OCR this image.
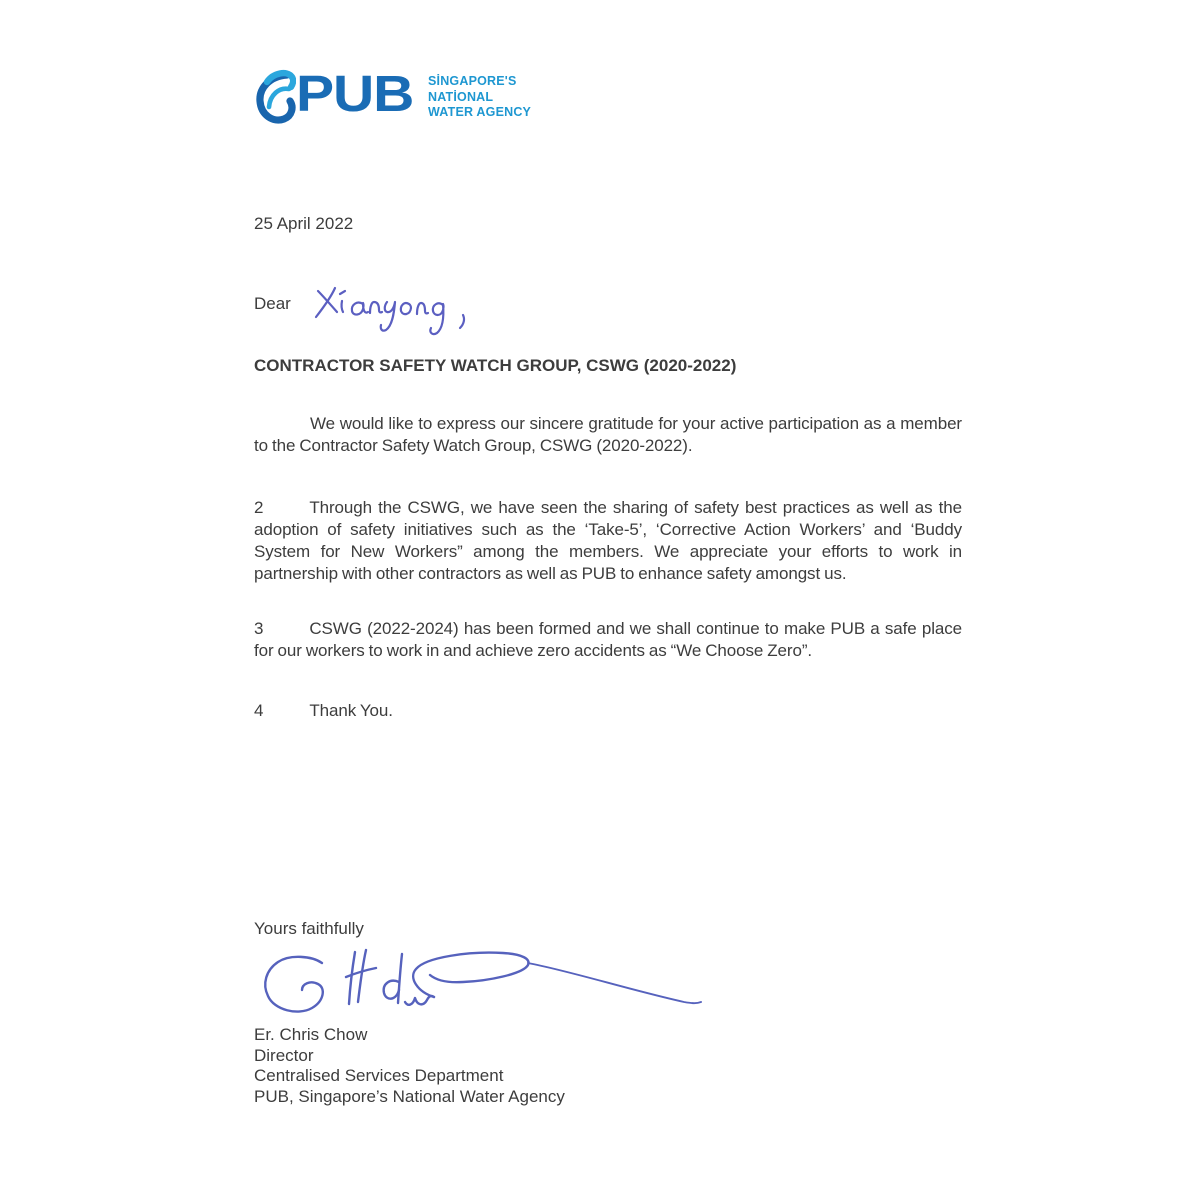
PUB SİNGAPORE'S
NATİONAL
WATER AGENCY
25 April 2022
Dear
CONTRACTOR SAFETY WATCH GROUP, CSWG (2020-2022)

We would like to express our sincere gratitude for your active participation as a member to the Contractor Safety Watch Group, CSWG (2020-2022).

2	Through the CSWG, we have seen the sharing of safety best practices as well as the adoption of safety initiatives such as the ‘Take-5’, ‘Corrective Action Workers’ and ‘Buddy System for New Workers” among the members. We appreciate your efforts to work in partnership with other contractors as well as PUB to enhance safety amongst us.

3	CSWG (2022-2024) has been formed and we shall continue to make PUB a safe place for our workers to work in and achieve zero accidents as “We Choose Zero”.

4	Thank You.

Yours faithfully
Er. Chris Chow
Director
Centralised Services Department
PUB, Singapore’s National Water Agency
